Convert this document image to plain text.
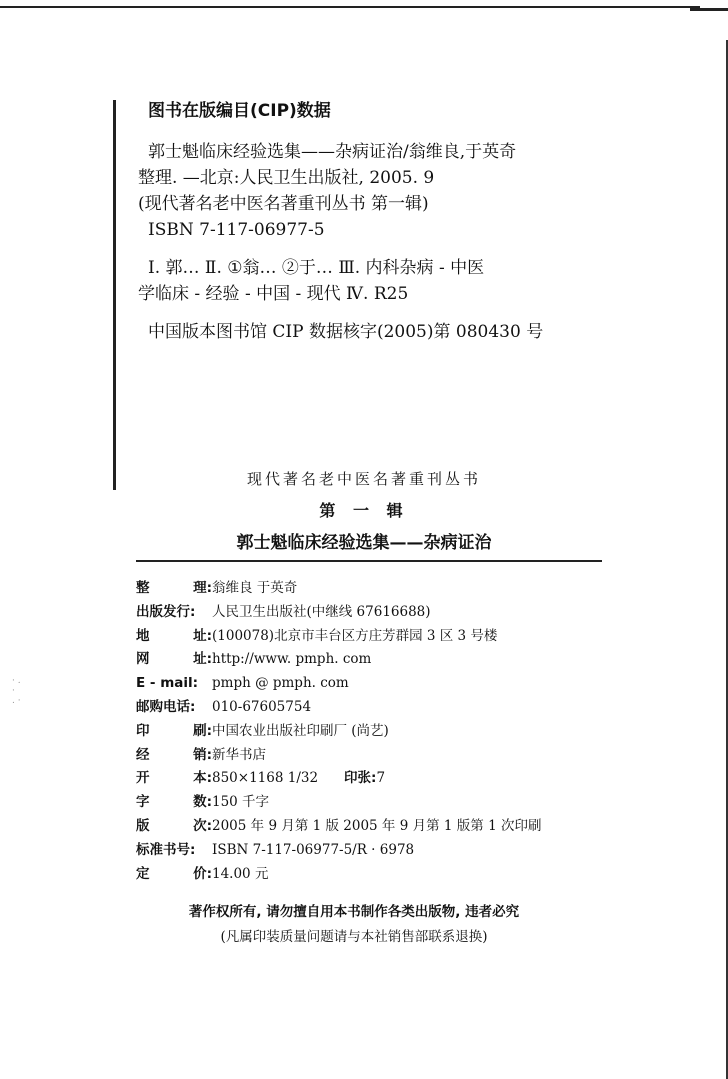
· .
·
. ·
图书在版编目(CIP)数据

郭士魁临床经验选集——杂病证治/翁维良,于英奇

整理. —北京:人民卫生出版社, 2005. 9

(现代著名老中医名著重刊丛书 第一辑)

ISBN 7-117-06977-5

Ⅰ. 郭… Ⅱ. ①翁… ②于… Ⅲ. 内科杂病 - 中医

学临床 - 经验 - 中国 - 现代 Ⅳ. R25

中国版本图书馆 CIP 数据核字(2005)第 080430 号

现代著名老中医名著重刊丛书
第 一 辑
郭士魁临床经验选集——杂病证治
整	理: 翁维良 于英奇
出版发行:	人民卫生出版社(中继线 67616688)
地	址: (100078)北京市丰台区方庄芳群园 3 区 3 号楼
网	址: http://www. pmph. com
E - mail:	pmph @ pmph. com
邮购电话:	010-67605754
印	刷: 中国农业出版社印刷厂 (尚艺)
经	销: 新华书店
开	本: 850×1168 1/32 印张:7
字	数: 150 千字
版	次: 2005 年 9 月第 1 版 2005 年 9 月第 1 版第 1 次印刷
标准书号:	ISBN 7-117-06977-5/R · 6978
定	价: 14.00 元
著作权所有, 请勿擅自用本书制作各类出版物, 违者必究
(凡属印装质量问题请与本社销售部联系退换)
